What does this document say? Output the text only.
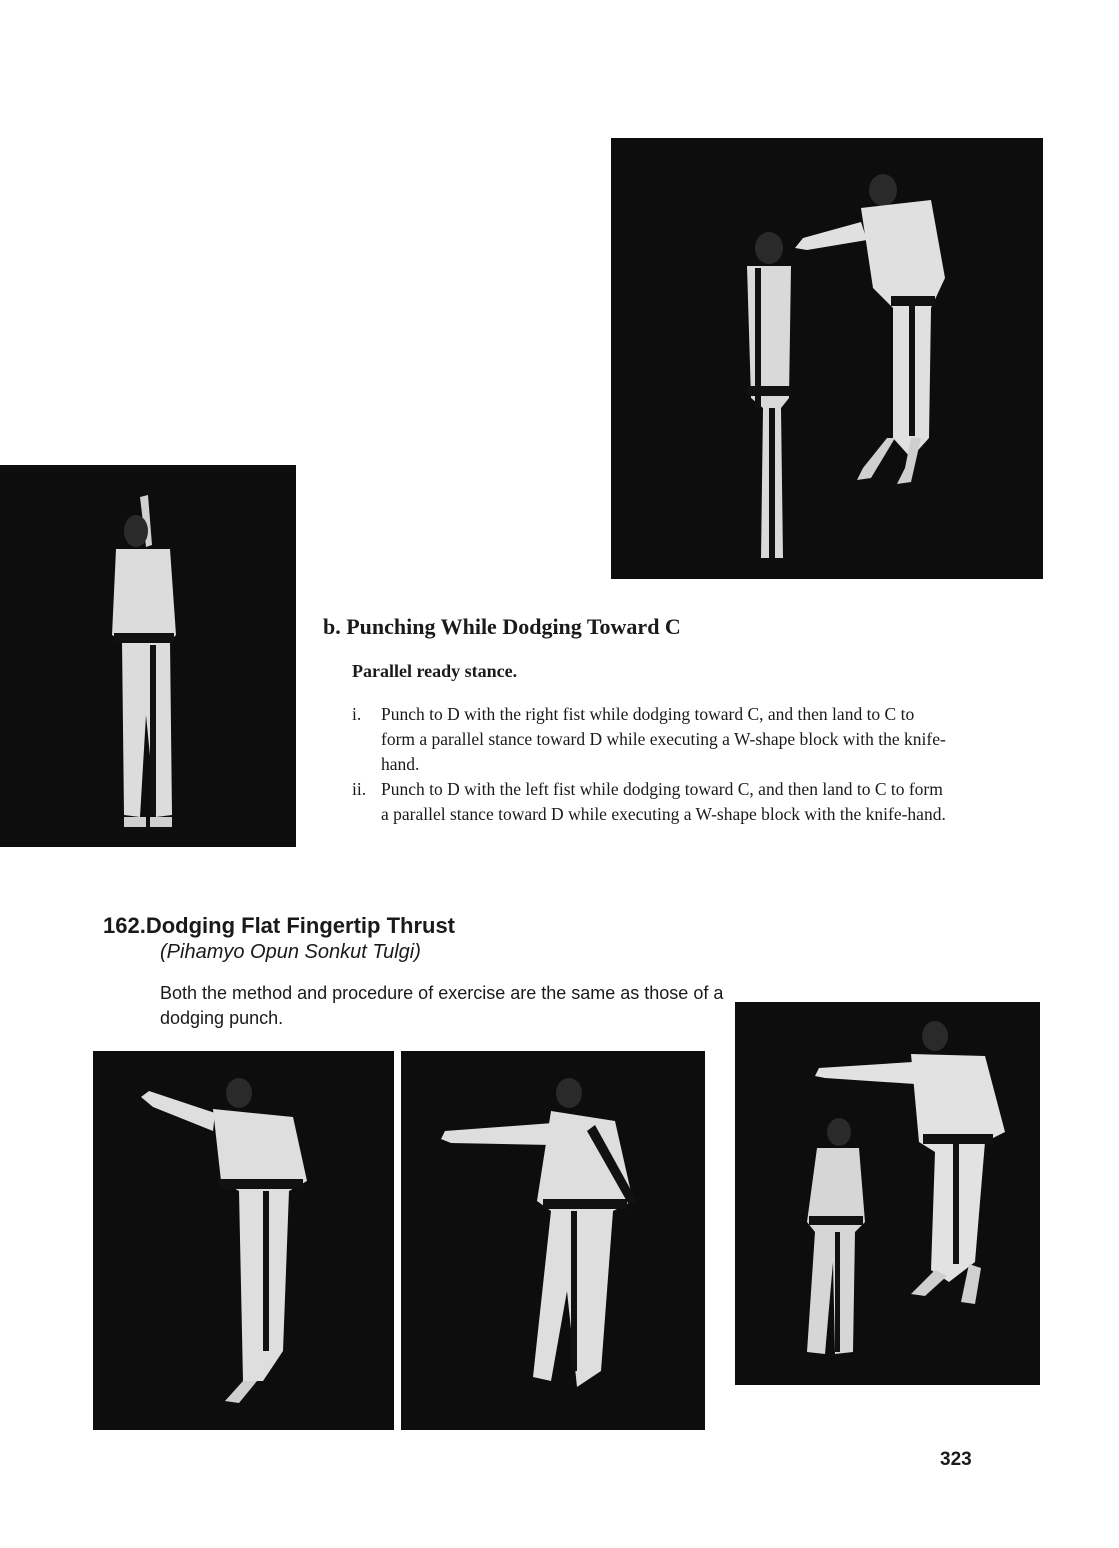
b. Punching While Dodging Toward C

Parallel ready stance.

i. Punch to D with the right fist while dodging toward C, and then land to C to form a parallel stance toward D while executing a W-shape block with the knife-hand.
ii. Punch to D with the left fist while dodging toward C, and then land to C to form a parallel stance toward D while executing a W-shape block with the knife-hand.
162.Dodging Flat Fingertip Thrust

(Pihamyo Opun Sonkut Tulgi)

Both the method and procedure of exercise are the same as those of a dodging punch.

323
